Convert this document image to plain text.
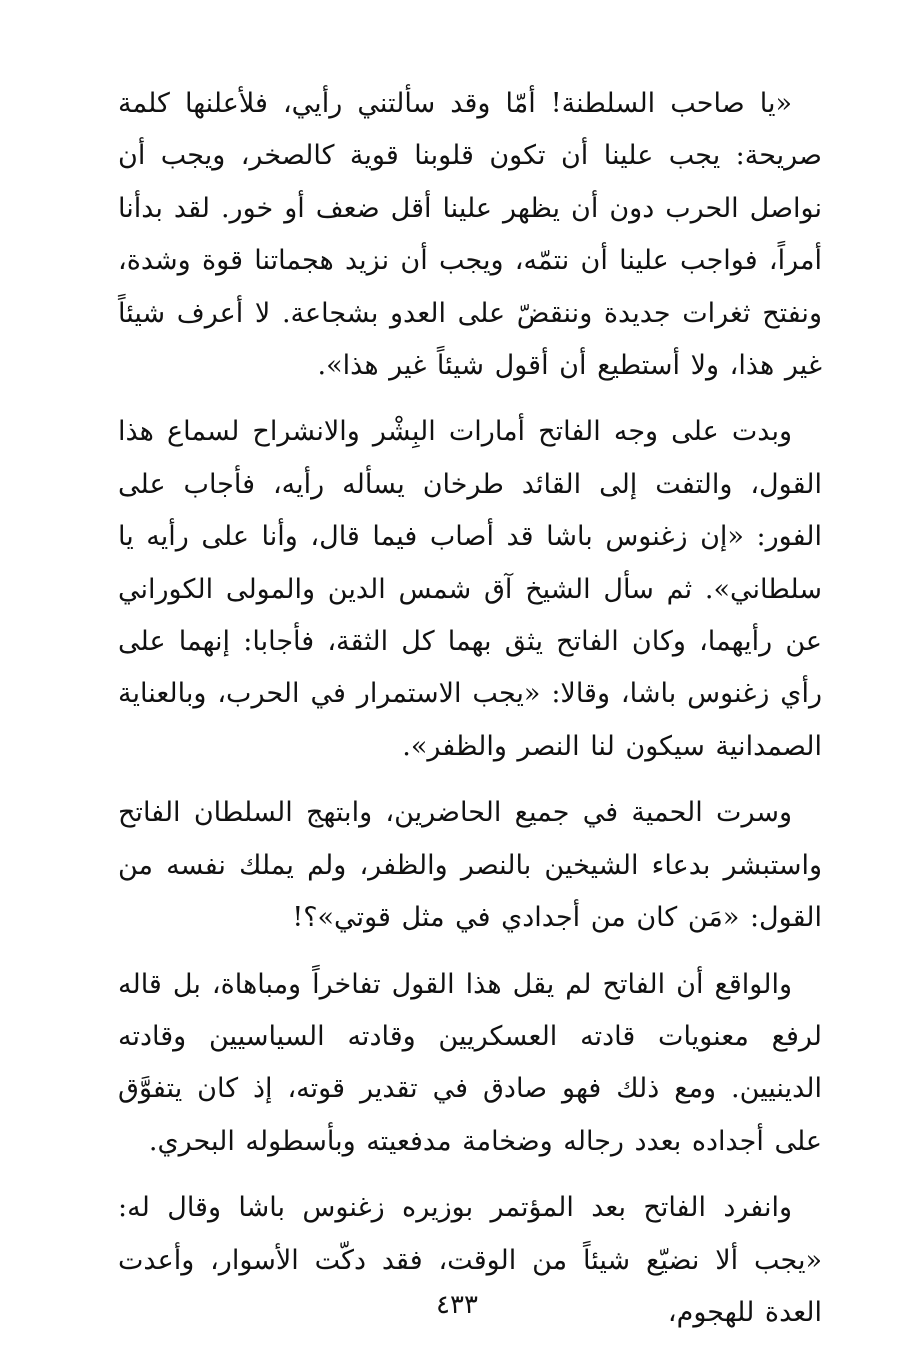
«يا صاحب السلطنة! أمّا وقد سألتني رأيي، فلأعلنها كلمة صريحة: يجب علينا أن تكون قلوبنا قوية كالصخر، ويجب أن نواصل الحرب دون أن يظهر علينا أقل ضعف أو خور. لقد بدأنا أمراً، فواجب علينا أن نتمّه، ويجب أن نزيد هجماتنا قوة وشدة، ونفتح ثغرات جديدة وننقضّ على العدو بشجاعة. لا أعرف شيئاً غير هذا، ولا أستطيع أن أقول شيئاً غير هذا».

وبدت على وجه الفاتح أمارات البِشْر والانشراح لسماع هذا القول، والتفت إلى القائد طرخان يسأله رأيه، فأجاب على الفور: «إن زغنوس باشا قد أصاب فيما قال، وأنا على رأيه يا سلطاني». ثم سأل الشيخ آق شمس الدين والمولى الكوراني عن رأيهما، وكان الفاتح يثق بهما كل الثقة، فأجابا: إنهما على رأي زغنوس باشا، وقالا: «يجب الاستمرار في الحرب، وبالعناية الصمدانية سيكون لنا النصر والظفر».

وسرت الحمية في جميع الحاضرين، وابتهج السلطان الفاتح واستبشر بدعاء الشيخين بالنصر والظفر، ولم يملك نفسه من القول: «مَن كان من أجدادي في مثل قوتي»؟!

والواقع أن الفاتح لم يقل هذا القول تفاخراً ومباهاة، بل قاله لرفع معنويات قادته العسكريين وقادته السياسيين وقادته الدينيين. ومع ذلك فهو صادق في تقدير قوته، إذ كان يتفوَّق على أجداده بعدد رجاله وضخامة مدفعيته وبأسطوله البحري.

وانفرد الفاتح بعد المؤتمر بوزيره زغنوس باشا وقال له: «يجب ألا نضيّع شيئاً من الوقت، فقد دكّت الأسوار، وأعدت العدة للهجوم،

٤٣٣
